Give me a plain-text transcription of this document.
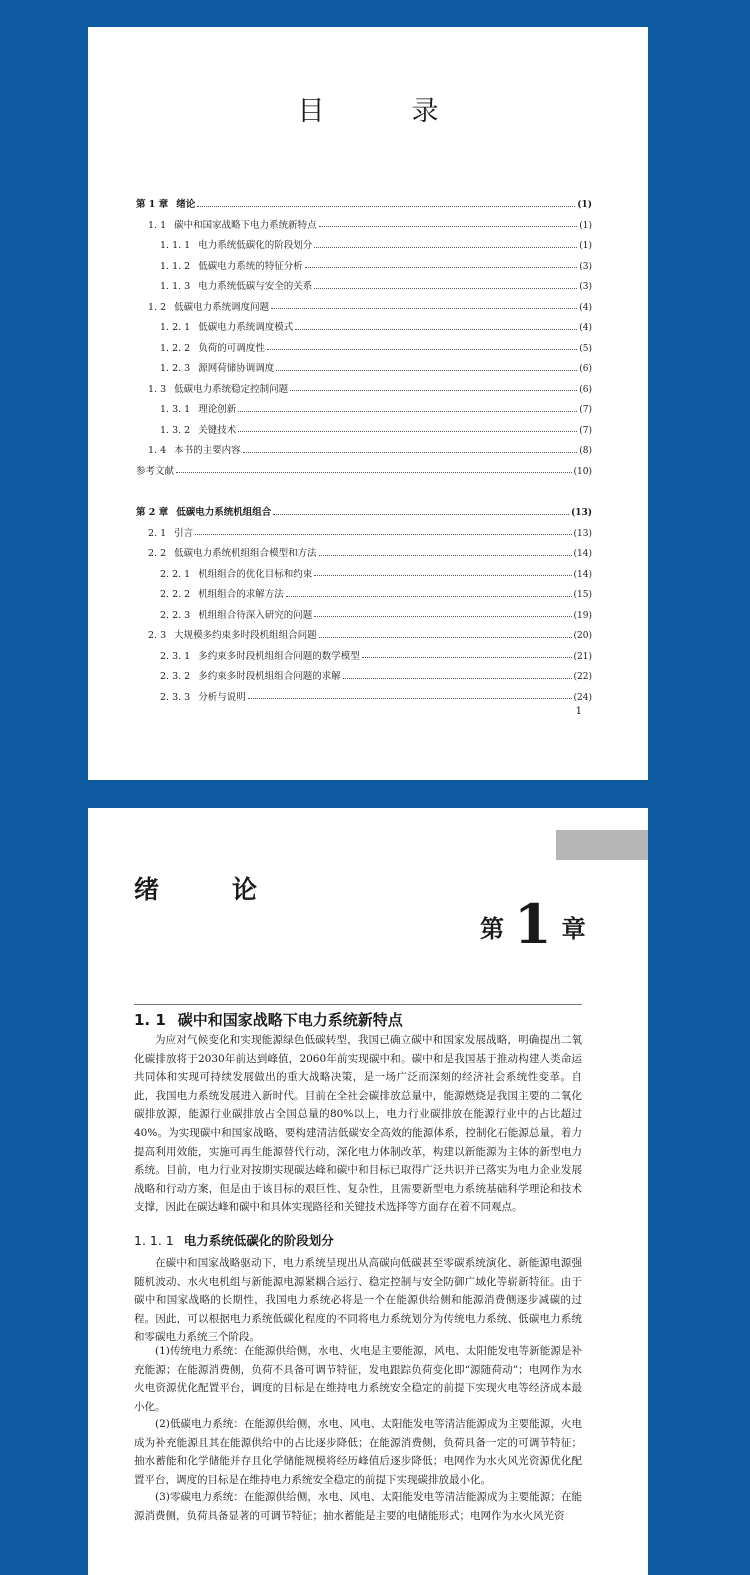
目　录
第 1 章 绪论	(1)
1. 1 碳中和国家战略下电力系统新特点	(1)
1. 1. 1 电力系统低碳化的阶段划分	(1)
1. 1. 2 低碳电力系统的特征分析	(3)
1. 1. 3 电力系统低碳与安全的关系	(3)
1. 2 低碳电力系统调度问题	(4)
1. 2. 1 低碳电力系统调度模式	(4)
1. 2. 2 负荷的可调度性	(5)
1. 2. 3 源网荷储协调调度	(6)
1. 3 低碳电力系统稳定控制问题	(6)
1. 3. 1 理论创新	(7)
1. 3. 2 关键技术	(7)
1. 4 本书的主要内容	(8)
参考文献	(10)
第 2 章 低碳电力系统机组组合	(13)
2. 1 引言	(13)
2. 2 低碳电力系统机组组合模型和方法	(14)
2. 2. 1 机组组合的优化目标和约束	(14)
2. 2. 2 机组组合的求解方法	(15)
2. 2. 3 机组组合待深入研究的问题	(19)
2. 3 大规模多约束多时段机组组合问题	(20)
2. 3. 1 多约束多时段机组组合问题的数学模型	(21)
2. 3. 2 多约束多时段机组组合问题的求解	(22)
2. 3. 3 分析与说明	(24)
1
绪　论
第 1 章
1. 1 碳中和国家战略下电力系统新特点
为应对气候变化和实现能源绿色低碳转型，我国已确立碳中和国家发展战略，明确提出二氧化碳排放将于2030年前达到峰值，2060年前实现碳中和。碳中和是我国基于推动构建人类命运共同体和实现可持续发展做出的重大战略决策，是一场广泛而深刻的经济社会系统性变革。自此，我国电力系统发展进入新时代。目前在全社会碳排放总量中，能源燃烧是我国主要的二氧化碳排放源，能源行业碳排放占全国总量的80%以上，电力行业碳排放在能源行业中的占比超过40%。为实现碳中和国家战略，要构建清洁低碳安全高效的能源体系，控制化石能源总量，着力提高利用效能，实施可再生能源替代行动，深化电力体制改革，构建以新能源为主体的新型电力系统。目前，电力行业对按期实现碳达峰和碳中和目标已取得广泛共识并已落实为电力企业发展战略和行动方案，但是由于该目标的艰巨性、复杂性，且需要新型电力系统基础科学理论和技术支撑，因此在碳达峰和碳中和具体实现路径和关键技术选择等方面存在着不同观点。
1. 1. 1 电力系统低碳化的阶段划分
在碳中和国家战略驱动下，电力系统呈现出从高碳向低碳甚至零碳系统演化、新能源电源强随机波动、水火电机组与新能源电源紧耦合运行、稳定控制与安全防御广域化等崭新特征。由于碳中和国家战略的长期性，我国电力系统必将是一个在能源供给侧和能源消费侧逐步减碳的过程。因此，可以根据电力系统低碳化程度的不同将电力系统划分为传统电力系统、低碳电力系统和零碳电力系统三个阶段。
(1)传统电力系统：在能源供给侧，水电、火电是主要能源，风电、太阳能发电等新能源是补充能源；在能源消费侧，负荷不具备可调节特征，发电跟踪负荷变化即“源随荷动”；电网作为水火电资源优化配置平台，调度的目标是在维持电力系统安全稳定的前提下实现火电等经济成本最小化。
(2)低碳电力系统：在能源供给侧，水电、风电、太阳能发电等清洁能源成为主要能源，火电成为补充能源且其在能源供给中的占比逐步降低；在能源消费侧，负荷具备一定的可调节特征；抽水蓄能和化学储能并存且化学储能规模将经历峰值后逐步降低；电网作为水火风光资源优化配置平台，调度的目标是在维持电力系统安全稳定的前提下实现碳排放最小化。
(3)零碳电力系统：在能源供给侧，水电、风电、太阳能发电等清洁能源成为主要能源；在能源消费侧，负荷具备显著的可调节特征；抽水蓄能是主要的电储能形式；电网作为水火风光资
